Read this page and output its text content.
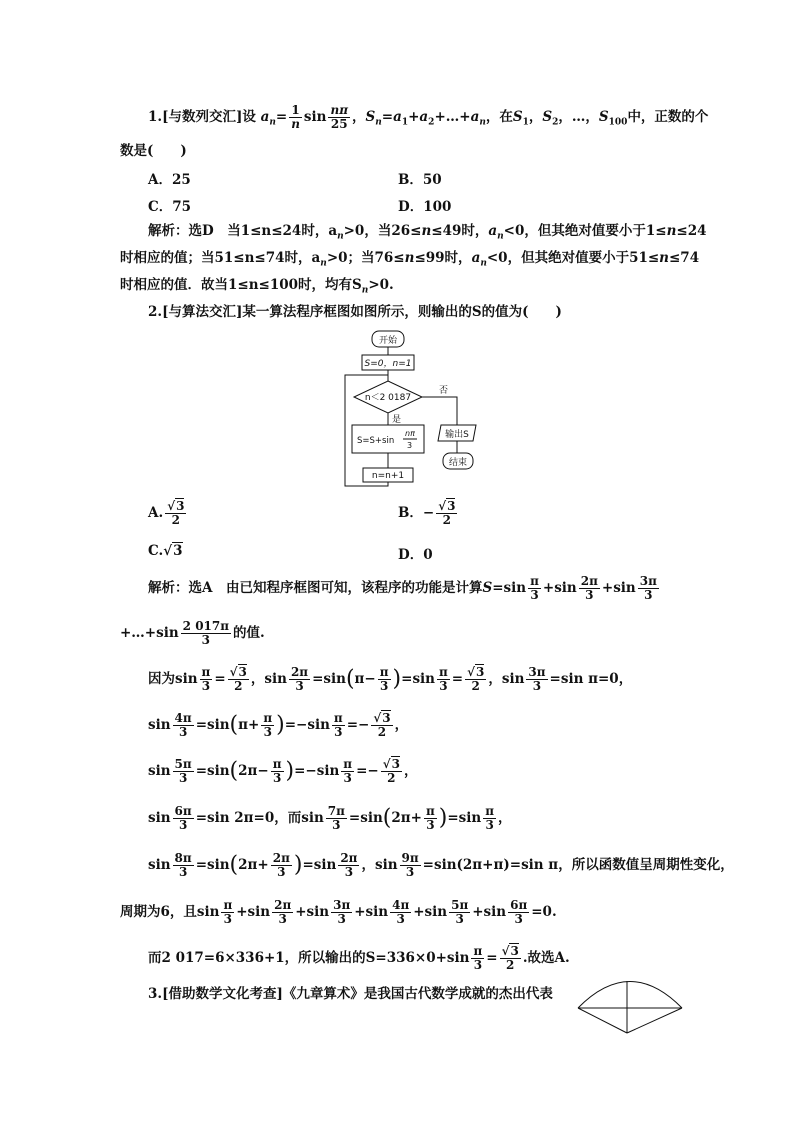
1.[与数列交汇]设 $a_n= \frac{1}{n}$ $\sin \frac{n\pi}{25}$ ，$S_n=a_1+a_2+\dots+a_n$，在$S_1$，$S_2$，…，$S_{100}$中，正数的个
数是(　　)
A．25	B．50
C．75	D．100
解析：选D　当1≤n≤24时，$a_n>0$，当26≤n≤49时，$a_n<0$，但其绝对值要小于1≤n≤24
时相应的值；当51≤n≤74时，$a_n>0$；当76≤n≤99时，$a_n<0$，但其绝对值要小于51≤n≤74
时相应的值．故当1≤n≤100时，均有$S_n>0$.
2.[与算法交汇]某一算法程序框图如图所示，则输出的S的值为(　　)
开始
S=0，n=1
n＜2 0187
是
否
S=S+sin
nπ
3
n=n+1
输出S
结束
A. $\frac{√3}{2}$	B．− $\frac{√3}{2}$
C.√3	D．0
解析：选A　由已知程序框图可知，该程序的功能是计算$S=\sin \frac{\pi}{3} +\sin \frac{2\pi}{3} +\sin \frac{3\pi}{3}$
+…+sin $\frac{2 017\pi}{3}$ 的值.
因为$\sin \frac{\pi}{3} = \frac{√3}{2}$ ，$\sin \frac{2\pi}{3} =\sin(\pi- \frac{\pi}{3} )=\sin \frac{\pi}{3} = \frac{√3}{2}$ ，$\sin \frac{3\pi}{3} =\sin$ π=0，
$\sin \frac{4\pi}{3} =\sin(\pi+ \frac{\pi}{3} )=-\sin \frac{\pi}{3} =- \frac{√3}{2}$ ，
$\sin \frac{5\pi}{3} =\sin(2\pi- \frac{\pi}{3} )=-\sin \frac{\pi}{3} =- \frac{√3}{2}$ ，
$\sin \frac{6\pi}{3} =\sin$ 2π=0，而$\sin \frac{7\pi}{3} =\sin(2\pi+ \frac{\pi}{3} )=\sin \frac{\pi}{3}$ ，
$\sin \frac{8\pi}{3} =\sin(2\pi+ \frac{2\pi}{3} )=\sin \frac{2\pi}{3}$ ，$\sin \frac{9\pi}{3} =\sin(2\pi+\pi)=\sin$ π，所以函数值呈周期性变化，
周期为6，且$\sin \frac{\pi}{3} +\sin \frac{2\pi}{3} +\sin \frac{3\pi}{3} +\sin \frac{4\pi}{3} +\sin \frac{5\pi}{3} +\sin \frac{6\pi}{3} =0$.
而2 017=6×336+1，所以输出的$S=336\times 0+\sin \frac{\pi}{3} = \frac{√3}{2}$ .故选A.
3.[借助数学文化考查]《九章算术》是我国古代数学成就的杰出代表
